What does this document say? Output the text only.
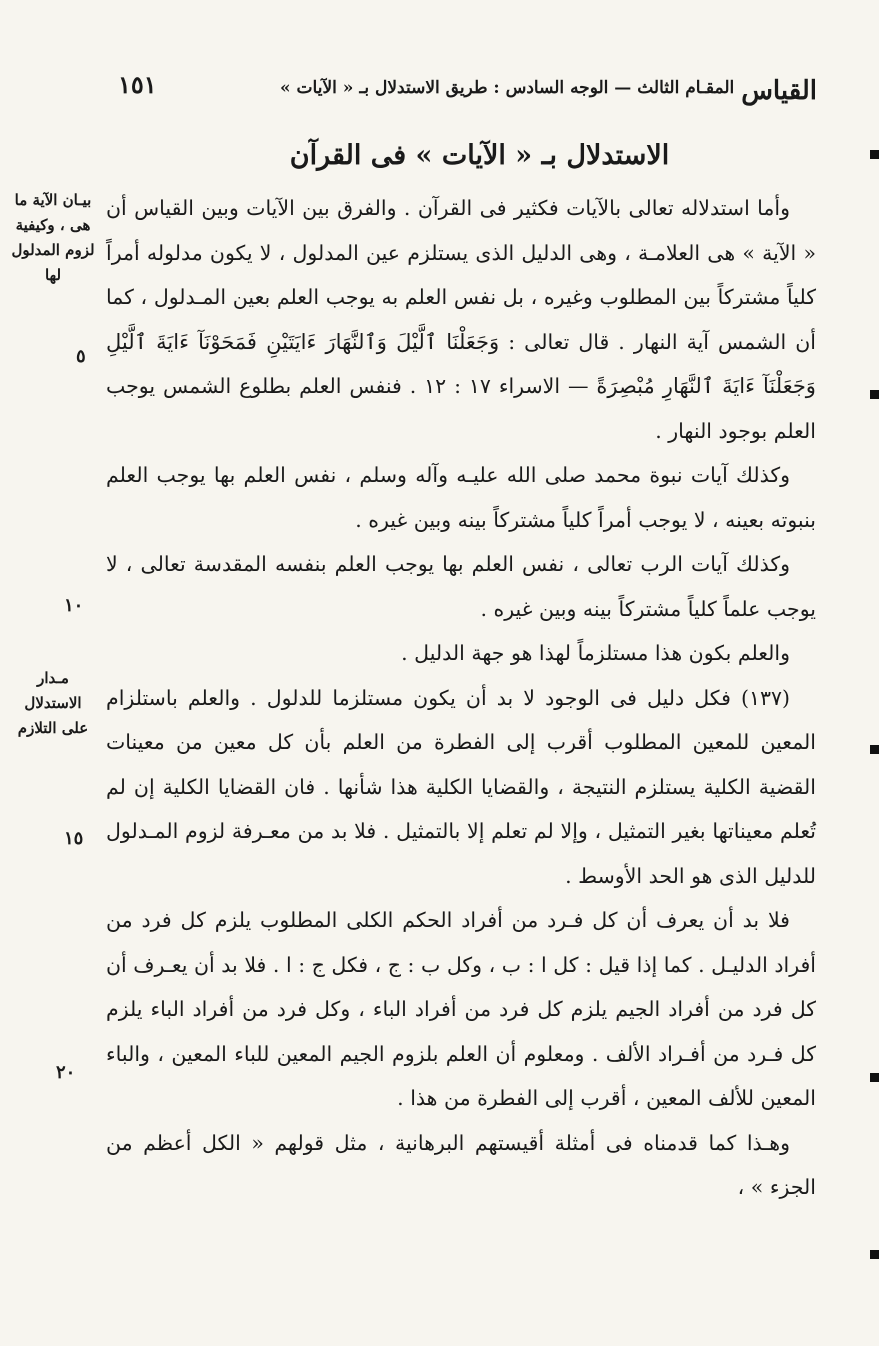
القياس
المقـام الثالث — الوجه السادس : طريق الاستدلال بـ « الآيات »
١٥١
الاستدلال بـ « الآيات » فى القرآن
بيـان الآية ما هى ، وكيفية لزوم المدلول لها
مـدار الاستدلال على التلازم
٥
١٠
١٥
٢٠

وأما استدلاله تعالى بالآيات فكثير فى القرآن . والفرق بين الآيات وبين القياس أن « الآية » هى العلامـة ، وهى الدليل الذى يستلزم عين المدلول ، لا يكون مدلوله أمراً كلياً مشتركاً بين المطلوب وغيره ، بل نفس العلم به يوجب العلم بعين المـدلول ، كما أن الشمس آية النهار . قال تعالى : وَجَعَلْنَا ٱلَّيْلَ وَٱلنَّهَارَ ءَايَتَيْنِ فَمَحَوْنَآ ءَايَةَ ٱلَّيْلِ وَجَعَلْنَآ ءَايَةَ ٱلنَّهَارِ مُبْصِرَةً — الاسراء ١٧ : ١٢ . فنفس العلم بطلوع الشمس يوجب العلم بوجود النهار .

وكذلك آيات نبوة محمد صلى الله عليـه وآله وسلم ، نفس العلم بها يوجب العلم بنبوته بعينه ، لا يوجب أمراً كلياً مشتركاً بينه وبين غيره .

وكذلك آيات الرب تعالى ، نفس العلم بها يوجب العلم بنفسه المقدسة تعالى ، لا يوجب علماً كلياً مشتركاً بينه وبين غيره .

والعلم بكون هذا مستلزماً لهذا هو جهة الدليل .

(١٣٧) فكل دليل فى الوجود لا بد أن يكون مستلزما للدلول . والعلم باستلزام المعين للمعين المطلوب أقرب إلى الفطرة من العلم بأن كل معين من معينات القضية الكلية يستلزم النتيجة ، والقضايا الكلية هذا شأنها . فان القضايا الكلية إن لم تُعلم معيناتها بغير التمثيل ، وإلا لم تعلم إلا بالتمثيل . فلا بد من معـرفة لزوم المـدلول للدليل الذى هو الحد الأوسط .

فلا بد أن يعرف أن كل فـرد من أفراد الحكم الكلى المطلوب يلزم كل فرد من أفراد الدليـل . كما إذا قيل : كل ا : ب ، وكل ب : ج ، فكل ج : ا . فلا بد أن يعـرف أن كل فرد من أفراد الجيم يلزم كل فرد من أفراد الباء ، وكل فرد من أفراد الباء يلزم كل فـرد من أفـراد الألف . ومعلوم أن العلم بلزوم الجيم المعين للباء المعين ، والباء المعين للألف المعين ، أقرب إلى الفطرة من هذا .

وهـذا كما قدمناه فى أمثلة أقيستهم البرهانية ، مثل قولهم « الكل أعظم من الجزء » ،
